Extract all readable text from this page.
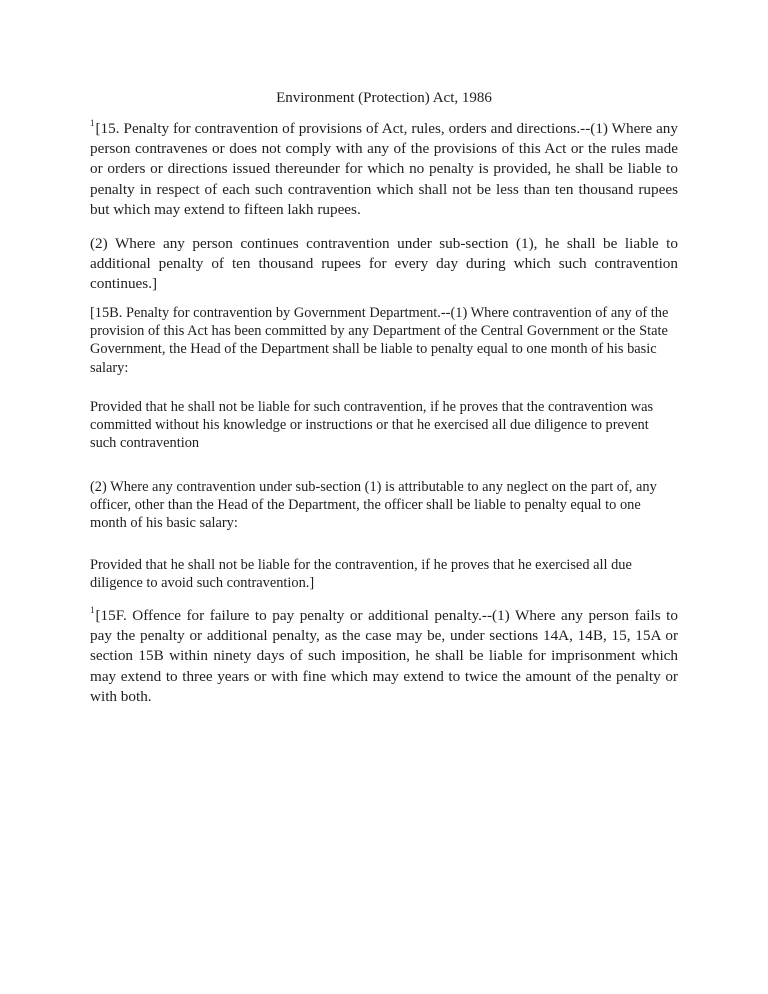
Environment (Protection) Act, 1986

$^1$[15. Penalty for contravention of provisions of Act, rules, orders and directions.--(1) Where any person contravenes or does not comply with any of the provisions of this Act or the rules made or orders or directions issued thereunder for which no penalty is provided, he shall be liable to penalty in respect of each such contravention which shall not be less than ten thousand rupees but which may extend to fifteen lakh rupees.

(2) Where any person continues contravention under sub-section (1), he shall be liable to additional penalty of ten thousand rupees for every day during which such contravention continues.]

[15B. Penalty for contravention by Government Department.--(1) Where contravention of any of the provision of this Act has been committed by any Department of the Central Government or the State Government, the Head of the Department shall be liable to penalty equal to one month of his basic salary:

Provided that he shall not be liable for such contravention, if he proves that the contravention was committed without his knowledge or instructions or that he exercised all due diligence to prevent such contravention

(2) Where any contravention under sub-section (1) is attributable to any neglect on the part of, any officer, other than the Head of the Department, the officer shall be liable to penalty equal to one month of his basic salary:

Provided that he shall not be liable for the contravention, if he proves that he exercised all due diligence to avoid such contravention.]

$^1$[15F. Offence for failure to pay penalty or additional penalty.--(1) Where any person fails to pay the penalty or additional penalty, as the case may be, under sections 14A, 14B, 15, 15A or section 15B within ninety days of such imposition, he shall be liable for imprisonment which may extend to three years or with fine which may extend to twice the amount of the penalty or with both.
